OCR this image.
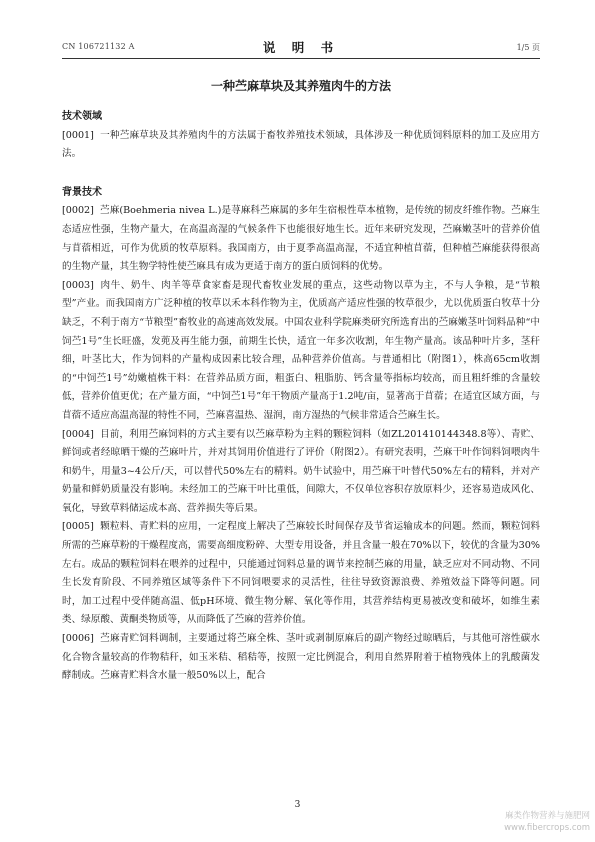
CN 106721132 A	说 明 书	1/5 页
一种苎麻草块及其养殖肉牛的方法

技术领域

[0001] 一种苎麻草块及其养殖肉牛的方法属于畜牧养殖技术领域，具体涉及一种优质饲料原料的加工及应用方法。

背景技术

[0002] 苎麻(Boehmeria nivea L.)是荨麻科苎麻属的多年生宿根性草本植物，是传统的韧皮纤维作物。苎麻生态适应性强，生物产量大，在高温高湿的气候条件下也能很好地生长。近年来研究发现，苎麻嫩茎叶的营养价值与苜蓿相近，可作为优质的牧草原料。我国南方，由于夏季高温高湿，不适宜种植苜蓿，但种植苎麻能获得很高的生物产量，其生物学特性使苎麻具有成为更适于南方的蛋白质饲料的优势。

[0003] 肉牛、奶牛、肉羊等草食家畜是现代畜牧业发展的重点，这些动物以草为主，不与人争粮，是“节粮型”产业。而我国南方广泛种植的牧草以禾本科作物为主，优质高产适应性强的牧草很少，尤以优质蛋白牧草十分缺乏，不利于南方“节粮型”畜牧业的高速高效发展。中国农业科学院麻类研究所选育出的苎麻嫩茎叶饲料品种“中饲苎1号”生长旺盛，发蔸及再生能力强，前期生长快，适宜一年多次收割，年生物产量高。该品种叶片多，茎秆细，叶茎比大，作为饲料的产量构成因素比较合理，品种营养价值高。与普通相比（附图1），株高65cm收割的“中饲苎1号”幼嫩植株干料：在营养品质方面，粗蛋白、粗脂肪、钙含量等指标均较高，而且粗纤维的含量较低，营养价值更优；在产量方面，“中饲苎1号”年干物质产量高于1.2吨/亩，显著高于苜蓿；在适宜区域方面，与苜蓿不适应高温高湿的特性不同，苎麻喜温热、湿润，南方湿热的气候非常适合苎麻生长。

[0004] 目前，利用苎麻饲料的方式主要有以苎麻草粉为主料的颗粒饲料（如ZL201410144348.8等）、青贮、鲜饲或者经晾晒干燥的苎麻叶片，并对其饲用价值进行了评价（附图2）。有研究表明，苎麻干叶作饲料饲喂肉牛和奶牛，用量3~4公斤/天，可以替代50%左右的精料。奶牛试验中，用苎麻干叶替代50%左右的精料，并对产奶量和鲜奶质量没有影响。未经加工的苎麻干叶比重低，间隙大，不仅单位容积存放原料少，还容易造成风化、氧化，导致草料储运成本高、营养损失等后果。

[0005] 颗粒料、青贮料的应用，一定程度上解决了苎麻较长时间保存及节省运输成本的问题。然而，颗粒饲料所需的苎麻草粉的干燥程度高，需要高细度粉碎、大型专用设备，并且含量一般在70%以下，较优的含量为30%左右。成品的颗粒饲料在喂养的过程中，只能通过饲料总量的调节来控制苎麻的用量，缺乏应对不同动物、不同生长发育阶段、不同养殖区域等条件下不同饲喂要求的灵活性，往往导致资源浪费、养殖效益下降等问题。同时，加工过程中受伴随高温、低pH环境、微生物分解、氧化等作用，其营养结构更易被改变和破坏，如维生素类、绿原酸、黄酮类物质等，从而降低了苎麻的营养价值。

[0006] 苎麻青贮饲料调制，主要通过将苎麻全株、茎叶或剥制原麻后的副产物经过晾晒后，与其他可溶性碳水化合物含量较高的作物秸秆，如玉米秸、稻秸等，按照一定比例混合，利用自然界附着于植物残体上的乳酸菌发酵制成。苎麻青贮料含水量一般50%以上，配合

3
麻类作物营养与施肥网
www.fibercrops.com
